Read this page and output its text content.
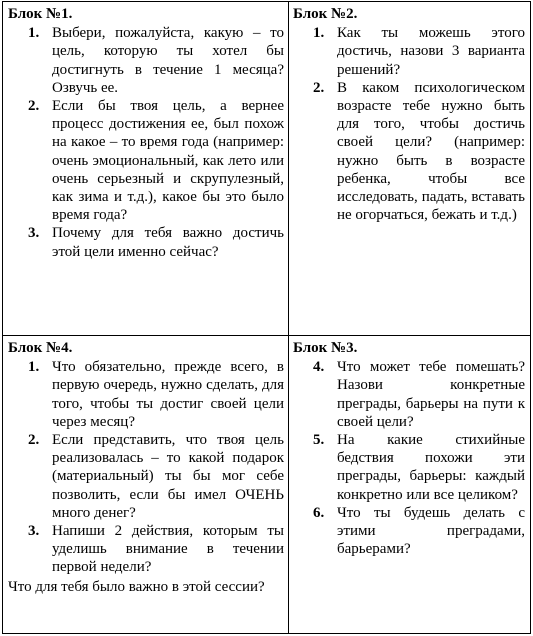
Блок №1.
1. Выбери, пожалуйста, какую – то цель, которую ты хотел бы достигнуть в течение 1 месяца? Озвучь ее.
2. Если бы твоя цель, а вернее процесс достижения ее, был похож на какое – то время года (например: очень эмоциональный, как лето или очень серьезный и скрупулезный, как зима и т.д.), какое бы это было время года?
3. Почему для тебя важно достичь этой цели именно сейчас?
Блок №2.
1. Как ты можешь этого достичь, назови 3 варианта решений?
2. В каком психологическом возрасте тебе нужно быть для того, чтобы достичь своей цели? (например: нужно быть в возрасте ребенка, чтобы все исследовать, падать, вставать не огорчаться, бежать и т.д.)
Блок №4.
1. Что обязательно, прежде всего, в первую очередь, нужно сделать, для того, чтобы ты достиг своей цели через месяц?
2. Если представить, что твоя цель реализовалась – то какой подарок (материальный) ты бы мог себе позволить, если бы имел ОЧЕНЬ много денег?
3. Напиши 2 действия, которым ты уделишь внимание в течении первой недели?
Что для тебя было важно в этой сессии?
Блок №3.
4. Что может тебе помешать? Назови конкретные преграды, барьеры на пути к своей цели?
5. На какие стихийные бедствия похожи эти преграды, барьеры: каждый конкретно или все целиком?
6. Что ты будешь делать с этими преградами, барьерами?
